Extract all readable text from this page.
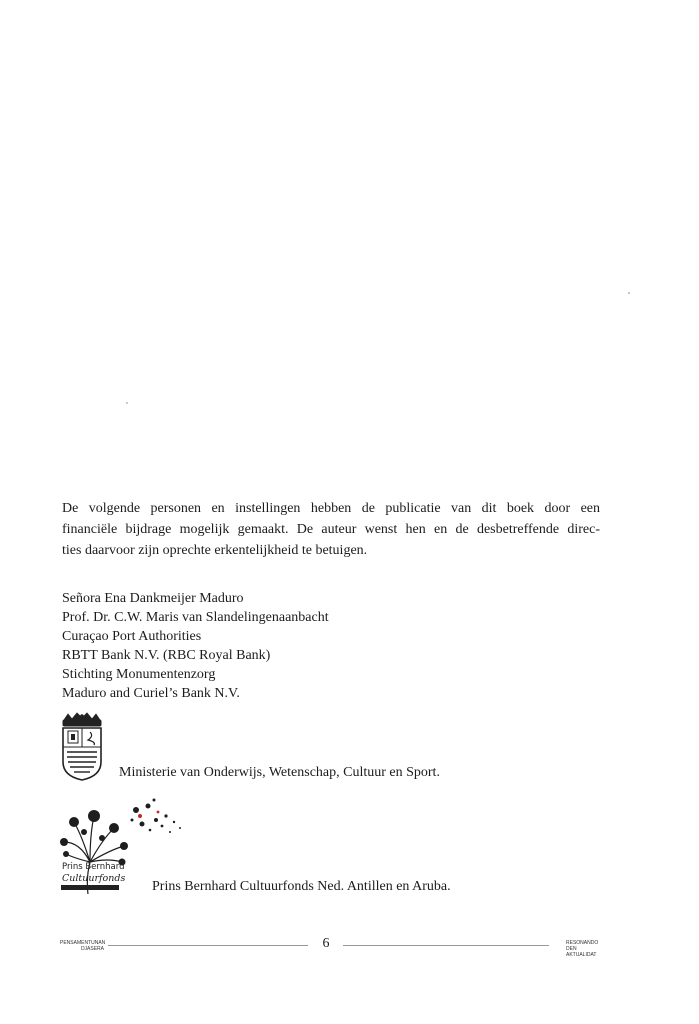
De volgende personen en instellingen hebben de publicatie van dit boek door een
financiële bijdrage mogelijk gemaakt. De auteur wenst hen en de desbetreffende direc-
ties daarvoor zijn oprechte erkentelijkheid te betuigen.

Señora Ena Dankmeijer Maduro
Prof. Dr. C.W. Maris van Slandelingenaanbacht
Curaçao Port Authorities
RBTT Bank N.V. (RBC Royal Bank)
Stichting Monumentenzorg
Maduro and Curiel’s Bank N.V.
Ministerie van Onderwijs, Wetenschap, Cultuur en Sport.
Prins Bernhard
Cultuurfonds
Prins Bernhard Cultuurfonds Ned. Antillen en Aruba.
PENSAMENTUNAN
DJASERA	6	RESONANDO DEN
AKTUALIDAT
